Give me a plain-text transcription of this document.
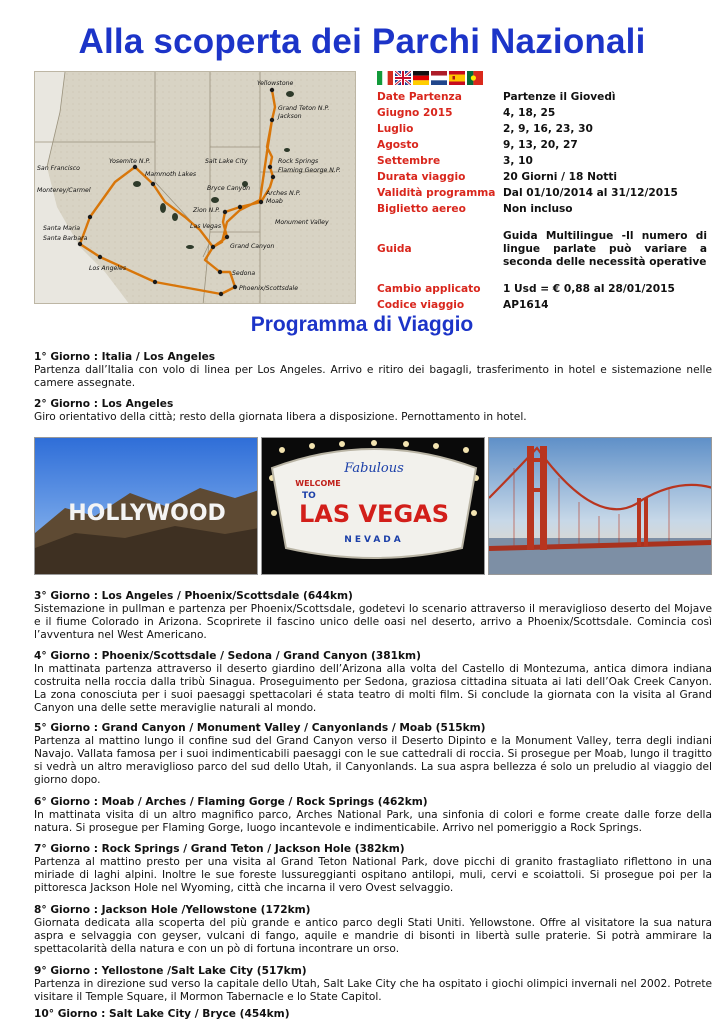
Alla scoperta dei Parchi Nazionali
Yellowstone
Grand Teton N.P.
Jackson
Salt Lake City	Rock Springs
Flaming George N.P.
San Francisco
Monterey/Carmel
Yosemite N.P.
Mammoth Lakes
Bryce Canyon
Zion N.P.
Las Vegas
Arches N.P.
Moab
Monument Valley
Santa Maria
Santa Barbara
Los Angeles
Grand Canyon
Sedona
Phoenix/Scottsdale
Date Partenza	Partenze il Giovedì
Giugno 2015	4, 18, 25
Luglio	2, 9, 16, 23, 30
Agosto	9, 13, 20, 27
Settembre	3, 10
Durata viaggio	20 Giorni / 18 Notti
Validità programma Dal 01/10/2014 al 31/12/2015
Biglietto aereo	Non incluso
Guida
Guida Multilingue -Il numero di lingue parlate può variare a seconda delle necessità operative
Cambio applicato	1 Usd = € 0,88 al 28/01/2015
Codice viaggio	AP1614
Programma di Viaggio
1° Giorno : Italia / Los Angeles
Partenza dall’Italia con volo di linea per Los Angeles. Arrivo e ritiro dei bagagli, trasferimento in hotel e sistemazione nelle camere assegnate.
2° Giorno : Los Angeles
Giro orientativo della città; resto della giornata libera a disposizione. Pernottamento in hotel.
HOLLYWOOD
Fabulous
WELCOME
TO
LAS VEGAS
NEVADA
3° Giorno : Los Angeles / Phoenix/Scottsdale (644km)
Sistemazione in pullman e partenza per Phoenix/Scottsdale, godetevi lo scenario attraverso il meraviglioso deserto del Mojave e il fiume Colorado in Arizona. Scoprirete il fascino unico delle oasi nel deserto, arrivo a Phoenix/Scottsdale. Comincia così l’avventura nel West Americano.
4° Giorno : Phoenix/Scottsdale / Sedona / Grand Canyon (381km)
In mattinata partenza attraverso il deserto giardino dell’Arizona alla volta del Castello di Montezuma, antica dimora indiana costruita nella roccia dalla tribù Sinagua. Proseguimento per Sedona, graziosa cittadina situata ai lati dell’Oak Creek Canyon. La zona conosciuta per i suoi paesaggi spettacolari é stata teatro di molti film. Si conclude la giornata con la visita al Grand Canyon una delle sette meraviglie naturali al mondo.
5° Giorno : Grand Canyon / Monument Valley / Canyonlands / Moab (515km)
Partenza al mattino lungo il confine sud del Grand Canyon verso il Deserto Dipinto e la Monument Valley, terra degli indiani Navajo. Vallata famosa per i suoi indimenticabili paesaggi con le sue cattedrali di roccia. Si prosegue per Moab, lungo il tragitto si vedrà un altro meraviglioso parco del sud dello Utah, il Canyonlands. La sua aspra bellezza é solo un preludio al viaggio del giorno dopo.
6° Giorno : Moab / Arches / Flaming Gorge / Rock Springs (462km)
In mattinata visita di un altro magnifico parco, Arches National Park, una sinfonia di colori e forme create dalle forze della natura. Si prosegue per Flaming Gorge, luogo incantevole e indimenticabile. Arrivo nel pomeriggio a Rock Springs.
7° Giorno : Rock Springs / Grand Teton / Jackson Hole (382km)
Partenza al mattino presto per una visita al Grand Teton National Park, dove picchi di granito frastagliato riflettono in una miriade di laghi alpini. Inoltre le sue foreste lussureggianti ospitano antilopi, muli, cervi e scoiattoli. Si prosegue poi per la pittoresca Jackson Hole nel Wyoming, città che incarna il vero Ovest selvaggio.
8° Giorno : Jackson Hole /Yellowstone (172km)
Giornata dedicata alla scoperta del più grande e antico parco degli Stati Uniti. Yellowstone. Offre al visitatore la sua natura aspra e selvaggia con geyser, vulcani di fango, aquile e mandrie di bisonti in libertà sulle praterie. Si potrà ammirare la spettacolarità della natura e con un pò di fortuna incontrare un orso.
9° Giorno : Yellostone /Salt Lake City (517km)
Partenza in direzione sud verso la capitale dello Utah, Salt Lake City che ha ospitato i giochi olimpici invernali nel 2002. Potrete visitare il Temple Square, il Mormon Tabernacle e lo State Capitol.
10° Giorno : Salt Lake City / Bryce (454km)
